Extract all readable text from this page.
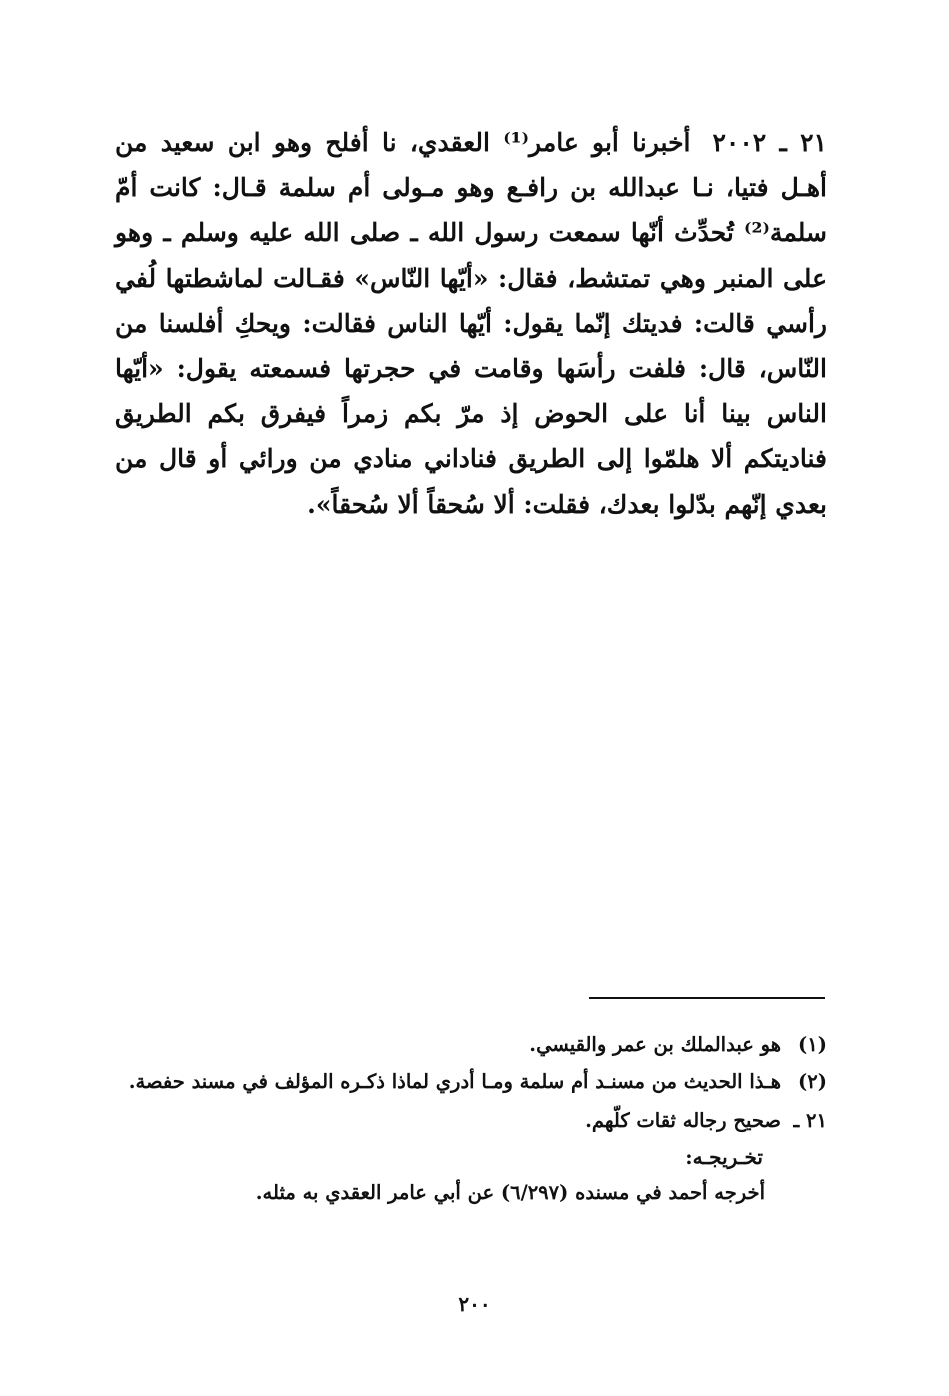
٢١ ـ ٢٠٠٢أخبرنا أبو عامر⁽¹⁾ العقدي، نا أفلح وهو ابن سعيد من أهـل فتيا، نـا عبدالله بن رافـع وهو مـولى أم سلمة قـال: كانت أمّ سلمة⁽²⁾ تُحدِّث أنّها سمعت رسول الله ـ صلى الله عليه وسلم ـ وهو على المنبر وهي تمتشط، فقال: «أيّها النّاس» فقـالت لماشطتها لُفي رأسي قالت: فديتك إنّما يقول: أيّها الناس فقالت: ويحكِ أفلسنا من النّاس، قال: فلفت رأسَها وقامت في حجرتها فسمعته يقول: «أيّها الناس بينا أنا على الحوض إذ مرّ بكم زمراً فيفرق بكم الطريق فناديتكم ألا هلمّوا إلى الطريق فناداني منادي من ورائي أو قال من بعدي إنّهم بدّلوا بعدك، فقلت: ألا سُحقاً ألا سُحقاً».
(١)
هو عبدالملك بن عمر والقيسي.
(٢)
هـذا الحديث من مسنـد أم سلمة ومـا أدري لماذا ذكـره المؤلف في مسند حفصة.
٢١ ـ
صحيح رجاله ثقات كلّهم.
تخـريجـه:
أخرجه أحمد في مسنده (٦/٢٩٧) عن أبي عامر العقدي به مثله.
٢٠٠
